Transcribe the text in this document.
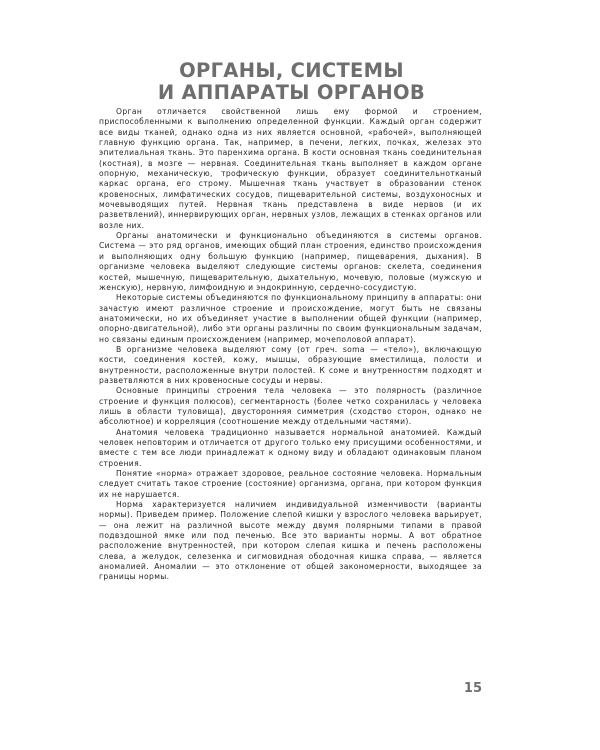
ОРГАНЫ, СИСТЕМЫ
И АППАРАТЫ ОРГАНОВ

Орган отличается свойственной лишь ему формой и строением, приспособленными к выполнению определенной функции. Каждый орган содержит все виды тканей, однако одна из них является основной, «рабочей», выполняющей главную функцию органа. Так, например, в печени, легких, почках, железах это эпителиальная ткань. Это паренхима органа. В кости основная ткань соединительная (костная), в мозге — нервная. Соединительная ткань выполняет в каждом органе опорную, механическую, трофическую функции, образует соединительнотканый каркас органа, его строму. Мышечная ткань участвует в образовании стенок кровеносных, лимфатических сосудов, пищеварительной системы, воздухоносных и мочевыводящих путей. Нервная ткань представлена в виде нервов (и их разветвлений), иннервирующих орган, нервных узлов, лежащих в стенках органов или возле них.

Органы анатомически и функционально объединяются в системы органов. Система — это ряд органов, имеющих общий план строения, единство происхождения и выполняющих одну большую функцию (например, пищеварения, дыхания). В организме человека выделяют следующие системы органов: скелета, соединения костей, мышечную, пищеварительную, дыхательную, мочевую, половые (мужскую и женскую), нервную, лимфоидную и эндокринную, сердечно-сосудистую.

Некоторые системы объединяются по функциональному принципу в аппараты: они зачастую имеют различное строение и происхождение, могут быть не связаны анатомически, но их объединяет участие в выполнении общей функции (например, опорно-двигательной), либо эти органы различны по своим функциональным задачам, но связаны единым происхождением (например, мочеполовой аппарат).

В организме человека выделяют сому (от греч. soma — «тело»), включающую кости, соединения костей, кожу, мышцы, образующие вместилища, полости и внутренности, расположенные внутри полостей. К соме и внутренностям подходят и разветвляются в них кровеносные сосуды и нервы.

Основные принципы строения тела человека — это полярность (различное строение и функция полюсов), сегментарность (более четко сохранилась у человека лишь в области туловища), двусторонняя симметрия (сходство сторон, однако не абсолютное) и корреляция (соотношение между отдельными частями).

Анатомия человека традиционно называется нормальной анатомией. Каждый человек неповторим и отличается от другого только ему присущими особенностями, и вместе с тем все люди принадлежат к одному виду и обладают одинаковым планом строения.

Понятие «норма» отражает здоровое, реальное состояние человека. Нормальным следует считать такое строение (состояние) организма, органа, при котором функция их не нарушается.

Норма характеризуется наличием индивидуальной изменчивости (варианты нормы). Приведем пример. Положение слепой кишки у взрослого человека варьирует, — она лежит на различной высоте между двумя полярными типами в правой подвздошной ямке или под печенью. Все это варианты нормы. А вот обратное расположение внутренностей, при котором слепая кишка и печень расположены слева, а желудок, селезенка и сигмовидная ободочная кишка справа, — является аномалией. Аномалии — это отклонение от общей закономерности, выходящее за границы нормы.

15
